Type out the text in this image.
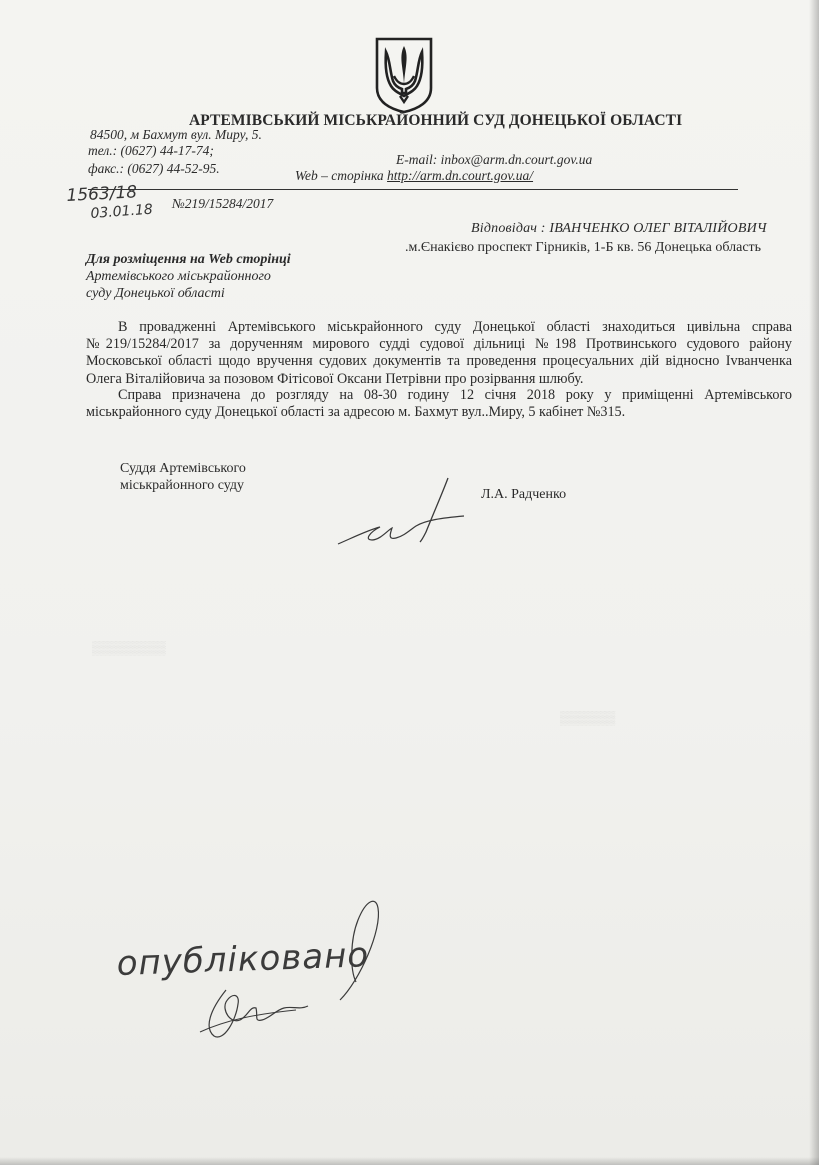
▒▒▒▒▒▒▒▒
▒▒▒▒▒▒
АРТЕМІВСЬКИЙ МІСЬКРАЙОННИЙ СУД ДОНЕЦЬКОЇ ОБЛАСТІ
84500, м Бахмут вул. Миру, 5.
тел.: (0627) 44-17-74;
факс.: (0627) 44-52-95.
E-mail: inbox@arm.dn.court.gov.ua
Web – сторінка http://arm.dn.court.gov.ua/
1563/18
03.01.18 №219/15284/2017
Відповідач : ІВАНЧЕНКО ОЛЕГ ВІТАЛІЙОВИЧ
.м.Єнакієво проспект Гірників, 1-Б кв. 56 Донецька область
Для розміщення на Web сторінці
Артемівського міськрайонного
суду Донецької області
В провадженні Артемівського міськрайонного суду Донецької області знаходиться цивільна справа №219/15284/2017 за дорученням мирового судді судової дільниці №198 Протвинського судового району Московської області щодо вручення судових документів та проведення процесуальних дій відносно Ivванченка Олега Віталійовича за позовом Фітісової Оксани Петрівни про розірвання шлюбу.
Справа призначена до розгляду на 08-30 годину 12 січня 2018 року у приміщенні Артемівського міськрайонного суду Донецької області за адресою м. Бахмут вул..Миру, 5 кабінет №315.
Суддя Артемівського
міськрайонного суду
Л.А. Радченко
опубліковано
